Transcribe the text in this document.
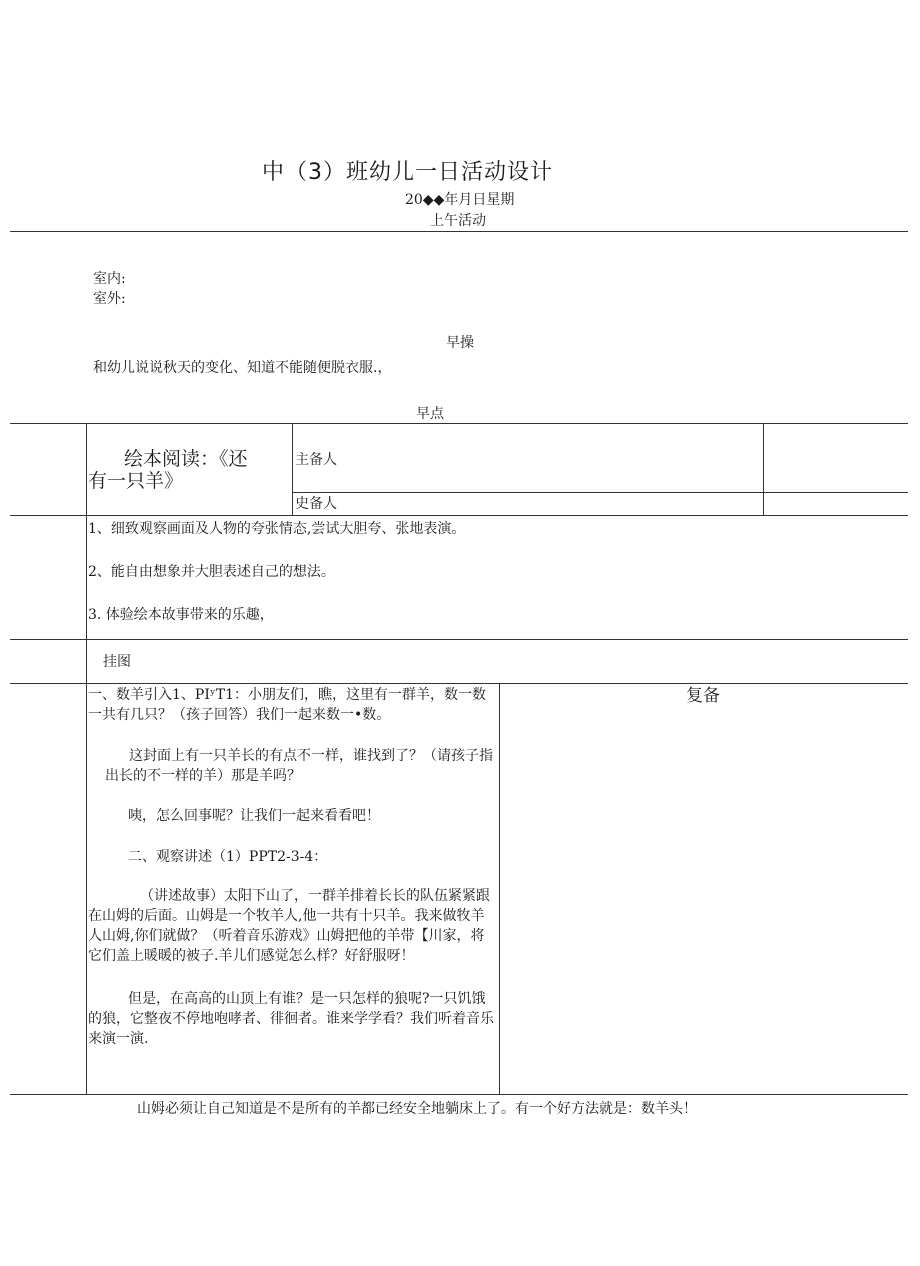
中（3）班幼儿一日活动设计
20◆◆年月日星期
上午活动
室内:
室外:
早操
和幼儿说说秋天的变化、知道不能随便脱衣服.，
早点
绘本阅读：《还
有一只羊》
主备人
史备人
1、细致观察画面及人物的夸张情态,尝试大胆夸、张地表演。
2、能自由想象并大胆表述自己的想法。
3. 体验绘本故事带来的乐趣，
挂图
一、数羊引入1、PIʸT1：小朋友们，瞧，这里有一群羊，数一数一共有几只？（孩子回答）我们一起来数一•数。
这封面上有一只羊长的有点不一样，谁找到了？（请孩子指出长的不一样的羊）那是羊吗？
咦，怎么回事呢？让我们一起来看看吧！
二、观察讲述（1）PPT2-3-4：
（讲述故事）太阳下山了，一群羊排着长长的队伍紧紧跟在山姆的后面。山姆是一个牧羊人,他一共有十只羊。我来做牧羊人山姆,你们就做？（听着音乐游戏》山姆把他的羊带【川家，将它们盖上暖暖的被子.羊儿们感觉怎么样？好舒服呀！
但是，在高高的山顶上有谁？是一只怎样的狼呢?一只饥饿的狼，它整夜不停地咆哮者、徘徊者。谁来学学看？我们听着音乐来演一演.
复备
山姆必须让自己知道是不是所有的羊都已经安全地躺床上了。有一个好方法就是：数羊头！
